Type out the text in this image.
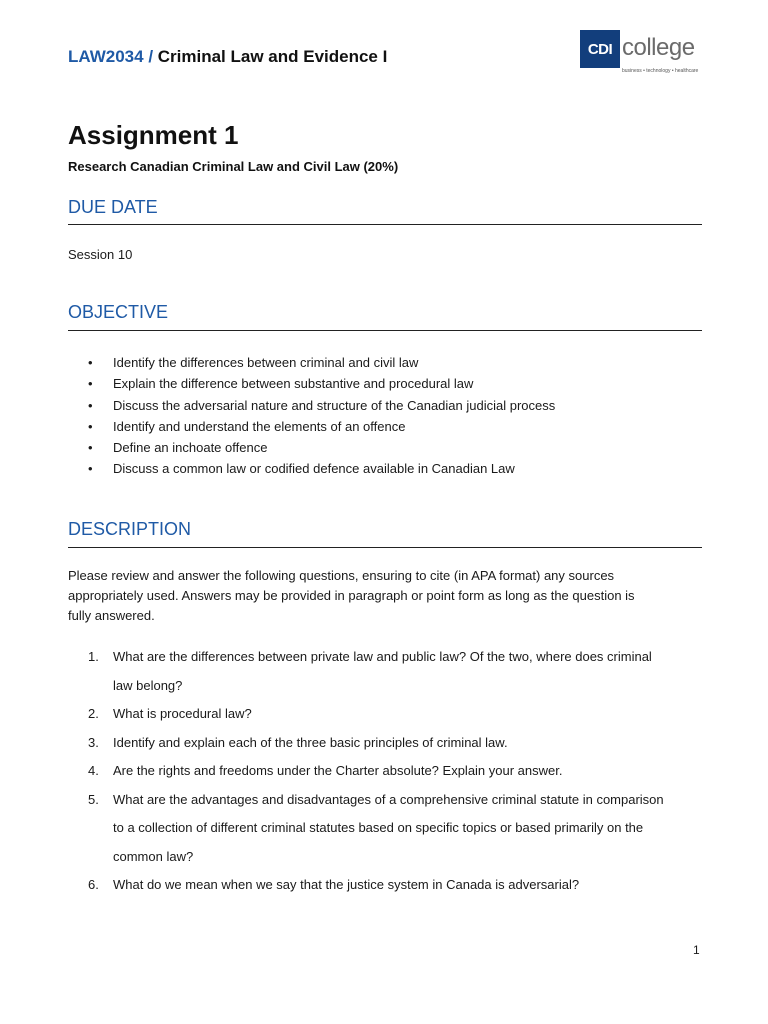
LAW2034 / Criminal Law and Evidence I	CDI college
business • technology • healthcare
Assignment 1
Research Canadian Criminal Law and Civil Law (20%)
DUE DATE
Session 10
OBJECTIVE
• Identify the differences between criminal and civil law
• Explain the difference between substantive and procedural law
• Discuss the adversarial nature and structure of the Canadian judicial process
• Identify and understand the elements of an offence
• Define an inchoate offence
• Discuss a common law or codified defence available in Canadian Law
DESCRIPTION
Please review and answer the following questions, ensuring to cite (in APA format) any sources
appropriately used. Answers may be provided in paragraph or point form as long as the question is
fully answered.
1. What are the differences between private law and public law? Of the two, where does criminal
law belong?
2. What is procedural law?
3. Identify and explain each of the three basic principles of criminal law.
4. Are the rights and freedoms under the Charter absolute? Explain your answer.
5. What are the advantages and disadvantages of a comprehensive criminal statute in comparison
to a collection of different criminal statutes based on specific topics or based primarily on the
common law?
6. What do we mean when we say that the justice system in Canada is adversarial?
1
